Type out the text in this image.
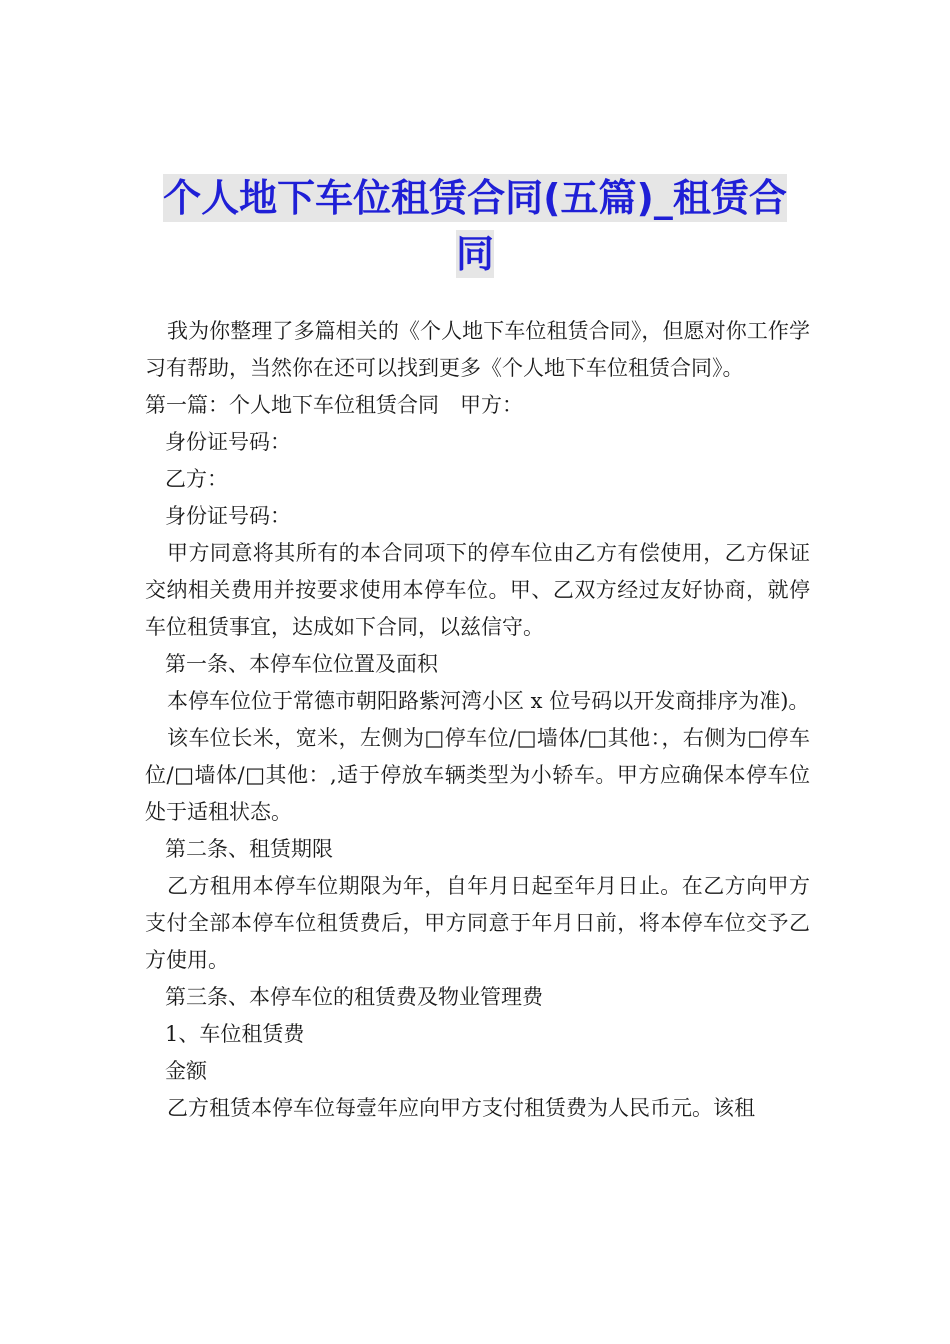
个人地下车位租赁合同(五篇)_租赁合
同

我为你整理了多篇相关的《个人地下车位租赁合同》，但愿对你工作学习有帮助，当然你在还可以找到更多《个人地下车位租赁合同》。

第一篇：个人地下车位租赁合同　甲方：

身份证号码：

乙方：

身份证号码：

甲方同意将其所有的本合同项下的停车位由乙方有偿使用，乙方保证交纳相关费用并按要求使用本停车位。甲、乙双方经过友好协商，就停车位租赁事宜，达成如下合同，以兹信守。

第一条、本停车位位置及面积

本停车位位于常德市朝阳路紫河湾小区 x 位号码以开发商排序为准)。

该车位长米，宽米，左侧为□停车位/□墙体/□其他：，右侧为□停车位/□墙体/□其他：,适于停放车辆类型为小轿车。甲方应确保本停车位处于适租状态。

第二条、租赁期限

乙方租用本停车位期限为年，自年月日起至年月日止。在乙方向甲方支付全部本停车位租赁费后，甲方同意于年月日前，将本停车位交予乙方使用。

第三条、本停车位的租赁费及物业管理费

1、车位租赁费

金额

乙方租赁本停车位每壹年应向甲方支付租赁费为人民币元。该租
